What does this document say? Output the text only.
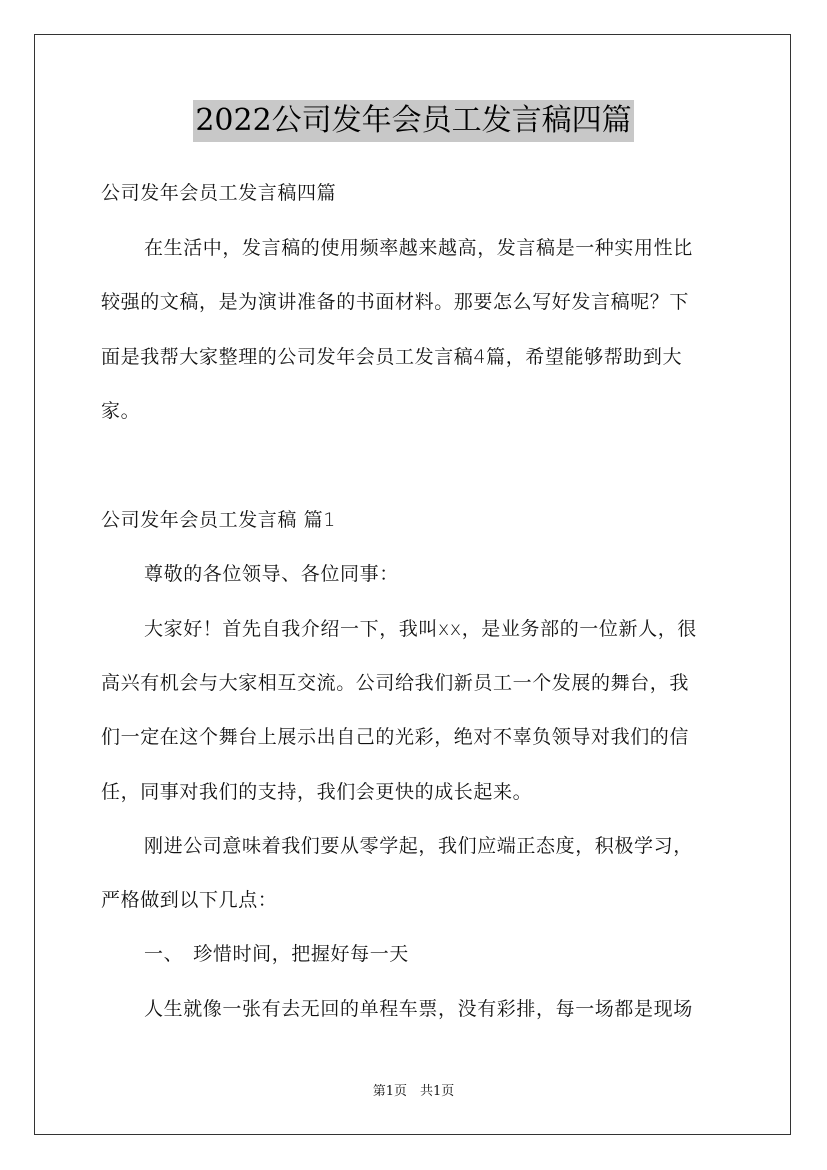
2022公司发年会员工发言稿四篇
公司发年会员工发言稿四篇
在生活中，发言稿的使用频率越来越高，发言稿是一种实用性比
较强的文稿，是为演讲准备的书面材料。那要怎么写好发言稿呢？下
面是我帮大家整理的公司发年会员工发言稿4篇，希望能够帮助到大
家。
公司发年会员工发言稿 篇1
尊敬的各位领导、各位同事：
大家好！首先自我介绍一下，我叫xx，是业务部的一位新人，很
高兴有机会与大家相互交流。公司给我们新员工一个发展的舞台，我
们一定在这个舞台上展示出自己的光彩，绝对不辜负领导对我们的信
任，同事对我们的支持，我们会更快的成长起来。
刚进公司意味着我们要从零学起，我们应端正态度，积极学习，
严格做到以下几点：
一、　珍惜时间，把握好每一天
人生就像一张有去无回的单程车票，没有彩排，每一场都是现场
第1页　共1页
